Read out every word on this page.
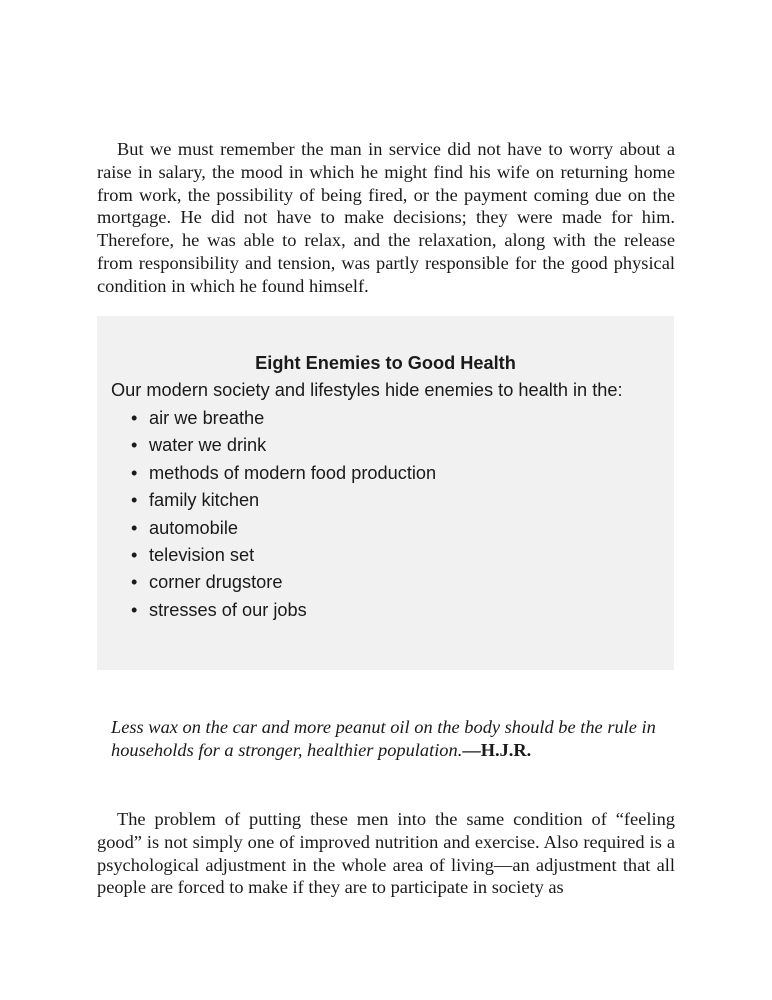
But we must remember the man in service did not have to worry about a raise in salary, the mood in which he might find his wife on returning home from work, the possibility of being fired, or the payment coming due on the mortgage. He did not have to make decisions; they were made for him. Therefore, he was able to relax, and the relaxation, along with the release from responsibility and tension, was partly responsible for the good physical condition in which he found himself.

Eight Enemies to Good Health

Our modern society and lifestyles hide enemies to health in the:

• air we breathe
• water we drink
• methods of modern food production
• family kitchen
• automobile
• television set
• corner drugstore
• stresses of our jobs

Less wax on the car and more peanut oil on the body should be the rule in households for a stronger, healthier population.—H.J.R.

The problem of putting these men into the same condition of “feeling good” is not simply one of improved nutrition and exercise. Also required is a psychological adjustment in the whole area of living—an adjustment that all people are forced to make if they are to participate in society as
